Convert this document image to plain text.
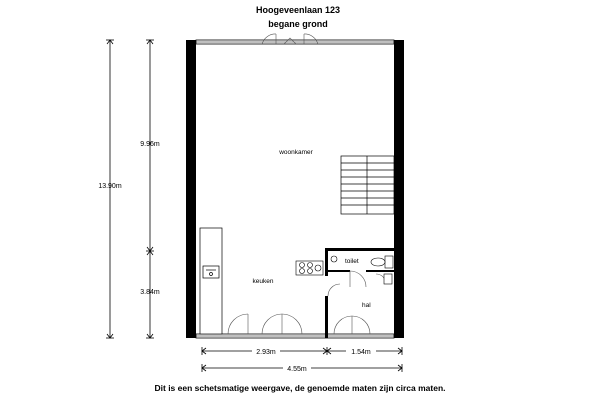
Hoogeveenlaan 123
begane grond
woonkamer
keuken
toilet
hal
13.90m
9.96m
3.84m
2.93m	1.54m
4.55m
Dit is een schetsmatige weergave, de genoemde maten zijn circa maten.
